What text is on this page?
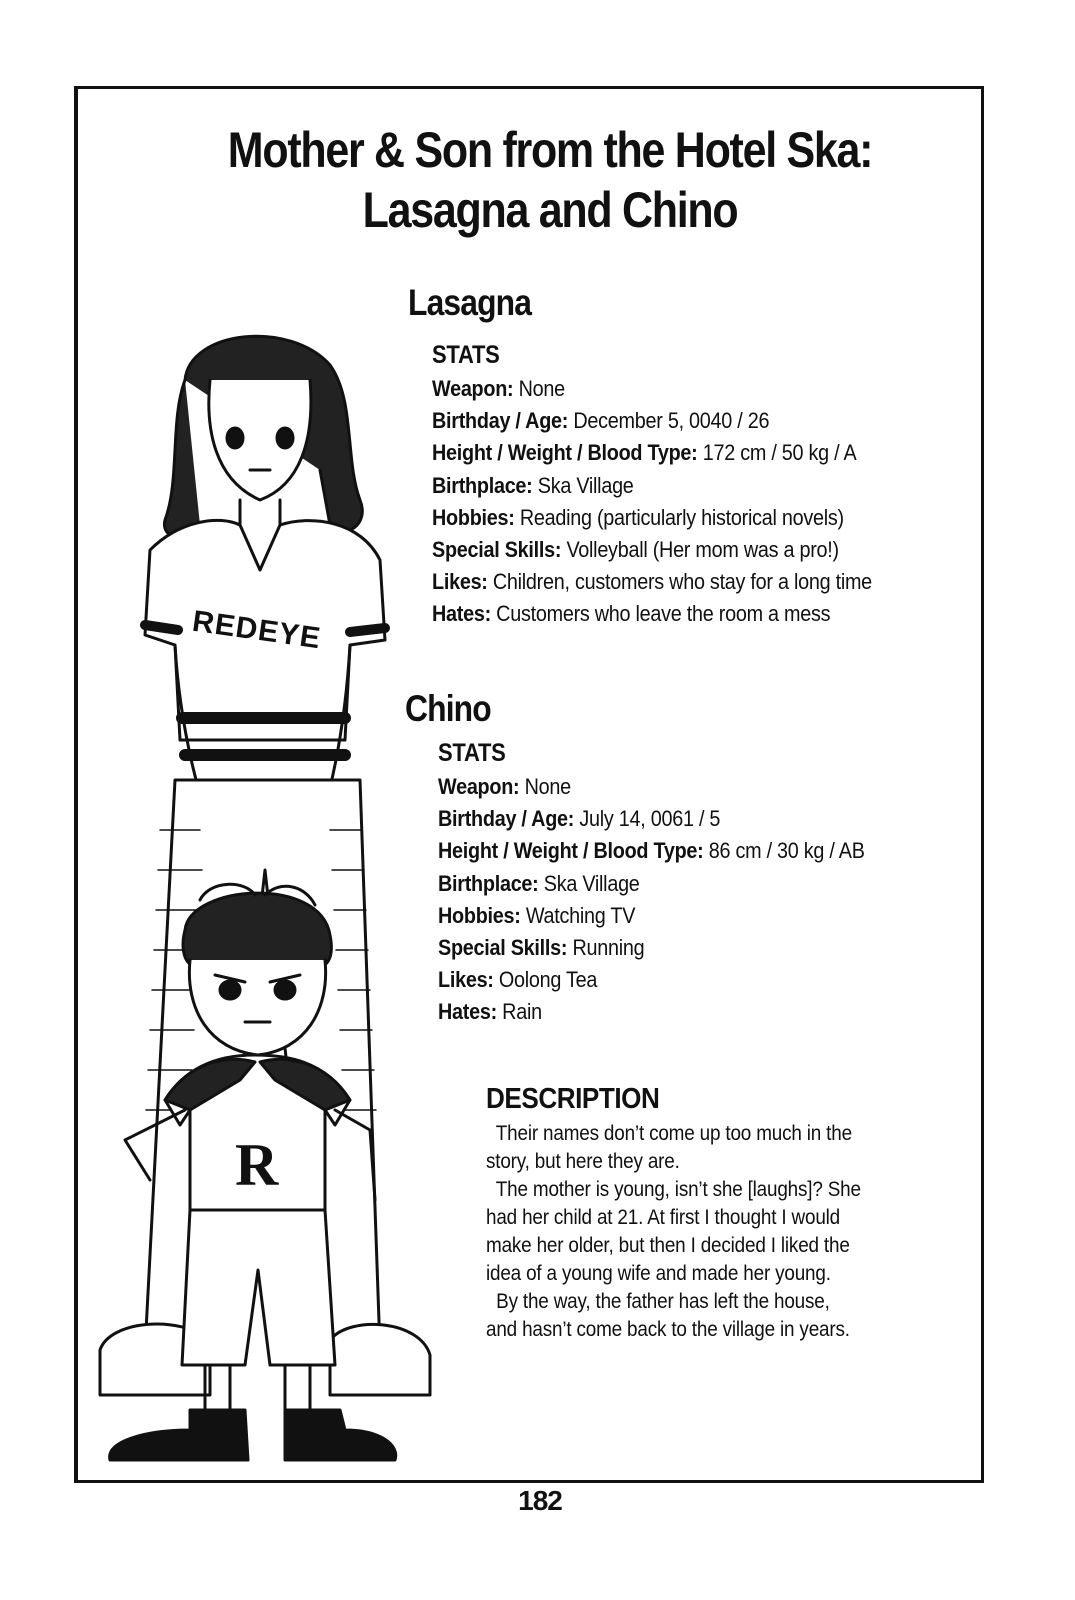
Mother & Son from the Hotel Ska:
Lasagna and Chino
Lasagna
STATS
Weapon: None
Birthday / Age: December 5, 0040 / 26
Height / Weight / Blood Type: 172 cm / 50 kg / A
Birthplace: Ska Village
Hobbies: Reading (particularly historical novels)
Special Skills: Volleyball (Her mom was a pro!)
Likes: Children, customers who stay for a long time
Hates: Customers who leave the room a mess
Chino
STATS
Weapon: None
Birthday / Age: July 14, 0061 / 5
Height / Weight / Blood Type: 86 cm / 30 kg / AB
Birthplace: Ska Village
Hobbies: Watching TV
Special Skills: Running
Likes: Oolong Tea
Hates: Rain
DESCRIPTION

Their names don’t come up too much in the

story, but here they are.

The mother is young, isn’t she [laughs]? She

had her child at 21. At first I thought I would

make her older, but then I decided I liked the

idea of a young wife and made her young.

By the way, the father has left the house,

and hasn’t come back to the village in years.

REDEYE
R
182
